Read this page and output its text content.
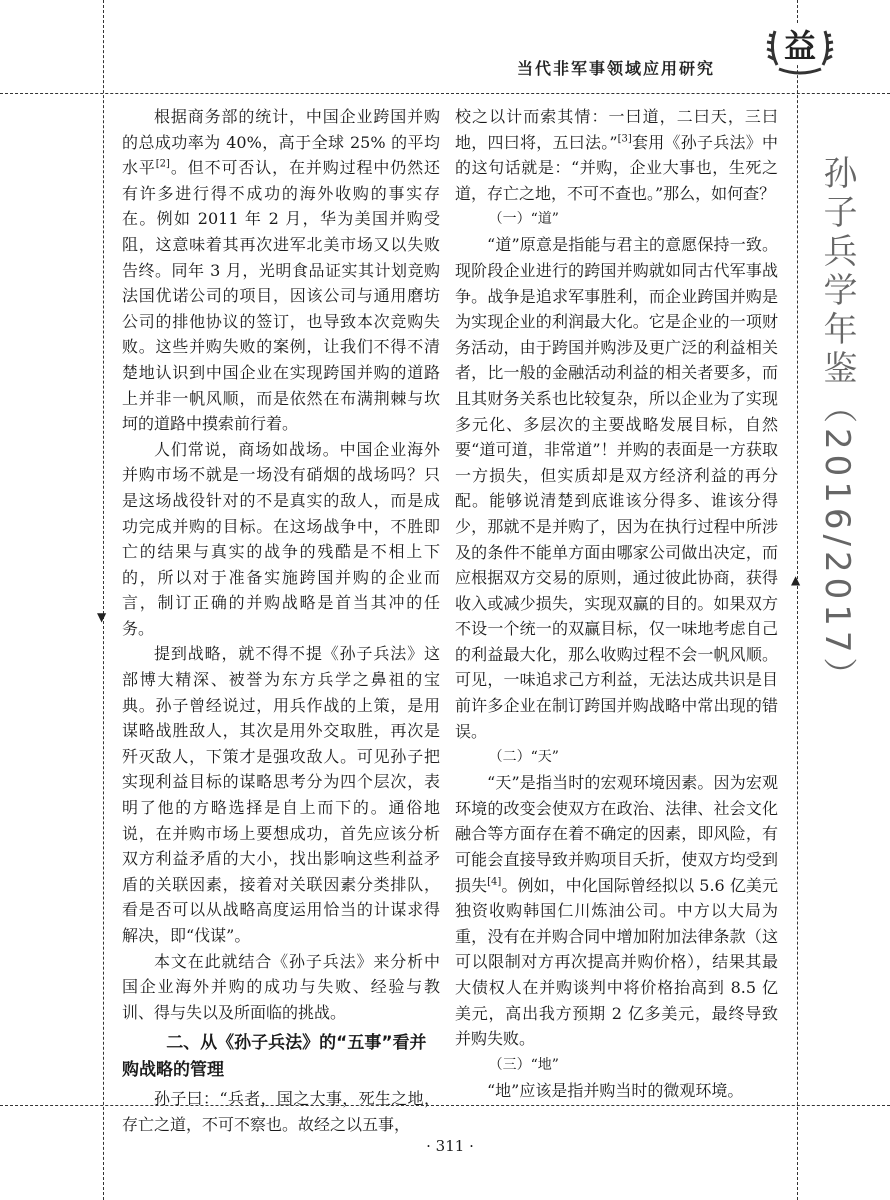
当代非军事领域应用研究
益

根据商务部的统计，中国企业跨国并购的总成功率为 40%，高于全球 25% 的平均水平[2]。但不可否认，在并购过程中仍然还有许多进行得不成功的海外收购的事实存在。例如 2011 年 2 月，华为美国并购受阻，这意味着其再次进军北美市场又以失败告终。同年 3 月，光明食品证实其计划竞购法国优诺公司的项目，因该公司与通用磨坊公司的排他协议的签订，也导致本次竞购失败。这些并购失败的案例，让我们不得不清楚地认识到中国企业在实现跨国并购的道路上并非一帆风顺，而是依然在布满荆棘与坎坷的道路中摸索前行着。

人们常说，商场如战场。中国企业海外并购市场不就是一场没有硝烟的战场吗？只是这场战役针对的不是真实的敌人，而是成功完成并购的目标。在这场战争中，不胜即亡的结果与真实的战争的残酷是不相上下的，所以对于准备实施跨国并购的企业而言，制订正确的并购战略是首当其冲的任务。

提到战略，就不得不提《孙子兵法》这部博大精深、被誉为东方兵学之鼻祖的宝典。孙子曾经说过，用兵作战的上策，是用谋略战胜敌人，其次是用外交取胜，再次是歼灭敌人，下策才是强攻敌人。可见孙子把实现利益目标的谋略思考分为四个层次，表明了他的方略选择是自上而下的。通俗地说，在并购市场上要想成功，首先应该分析双方利益矛盾的大小，找出影响这些利益矛盾的关联因素，接着对关联因素分类排队，看是否可以从战略高度运用恰当的计谋求得解决，即“伐谋”。

本文在此就结合《孙子兵法》来分析中国企业海外并购的成功与失败、经验与教训、得与失以及所面临的挑战。

二、从《孙子兵法》的“五事”看并购战略的管理

孙子曰：“兵者，国之大事，死生之地，存亡之道，不可不察也。故经之以五事，

校之以计而索其情：一曰道，二曰天，三曰地，四曰将，五曰法。”[3]套用《孙子兵法》中的这句话就是：“并购，企业大事也，生死之道，存亡之地，不可不查也。”那么，如何查？

（一）“道”

“道”原意是指能与君主的意愿保持一致。现阶段企业进行的跨国并购就如同古代军事战争。战争是追求军事胜利，而企业跨国并购是为实现企业的利润最大化。它是企业的一项财务活动，由于跨国并购涉及更广泛的利益相关者，比一般的金融活动利益的相关者要多，而且其财务关系也比较复杂，所以企业为了实现多元化、多层次的主要战略发展目标，自然要“道可道，非常道”！并购的表面是一方获取一方损失，但实质却是双方经济利益的再分配。能够说清楚到底谁该分得多、谁该分得少，那就不是并购了，因为在执行过程中所涉及的条件不能单方面由哪家公司做出决定，而应根据双方交易的原则，通过彼此协商，获得收入或减少损失，实现双赢的目的。如果双方不设一个统一的双赢目标，仅一味地考虑自己的利益最大化，那么收购过程不会一帆风顺。可见，一味追求己方利益，无法达成共识是目前许多企业在制订跨国并购战略中常出现的错误。

（二）“天”

“天”是指当时的宏观环境因素。因为宏观环境的改变会使双方在政治、法律、社会文化融合等方面存在着不确定的因素，即风险，有可能会直接导致并购项目夭折，使双方均受到损失[4]。例如，中化国际曾经拟以 5.6 亿美元独资收购韩国仁川炼油公司。中方以大局为重，没有在并购合同中增加附加法律条款（这可以限制对方再次提高并购价格），结果其最大债权人在并购谈判中将价格抬高到 8.5 亿美元，高出我方预期 2 亿多美元，最终导致并购失败。

（三）“地”

“地”应该是指并购当时的微观环境。

孙子兵学年鉴（2016/2017）
▼
▲
· 311 ·
